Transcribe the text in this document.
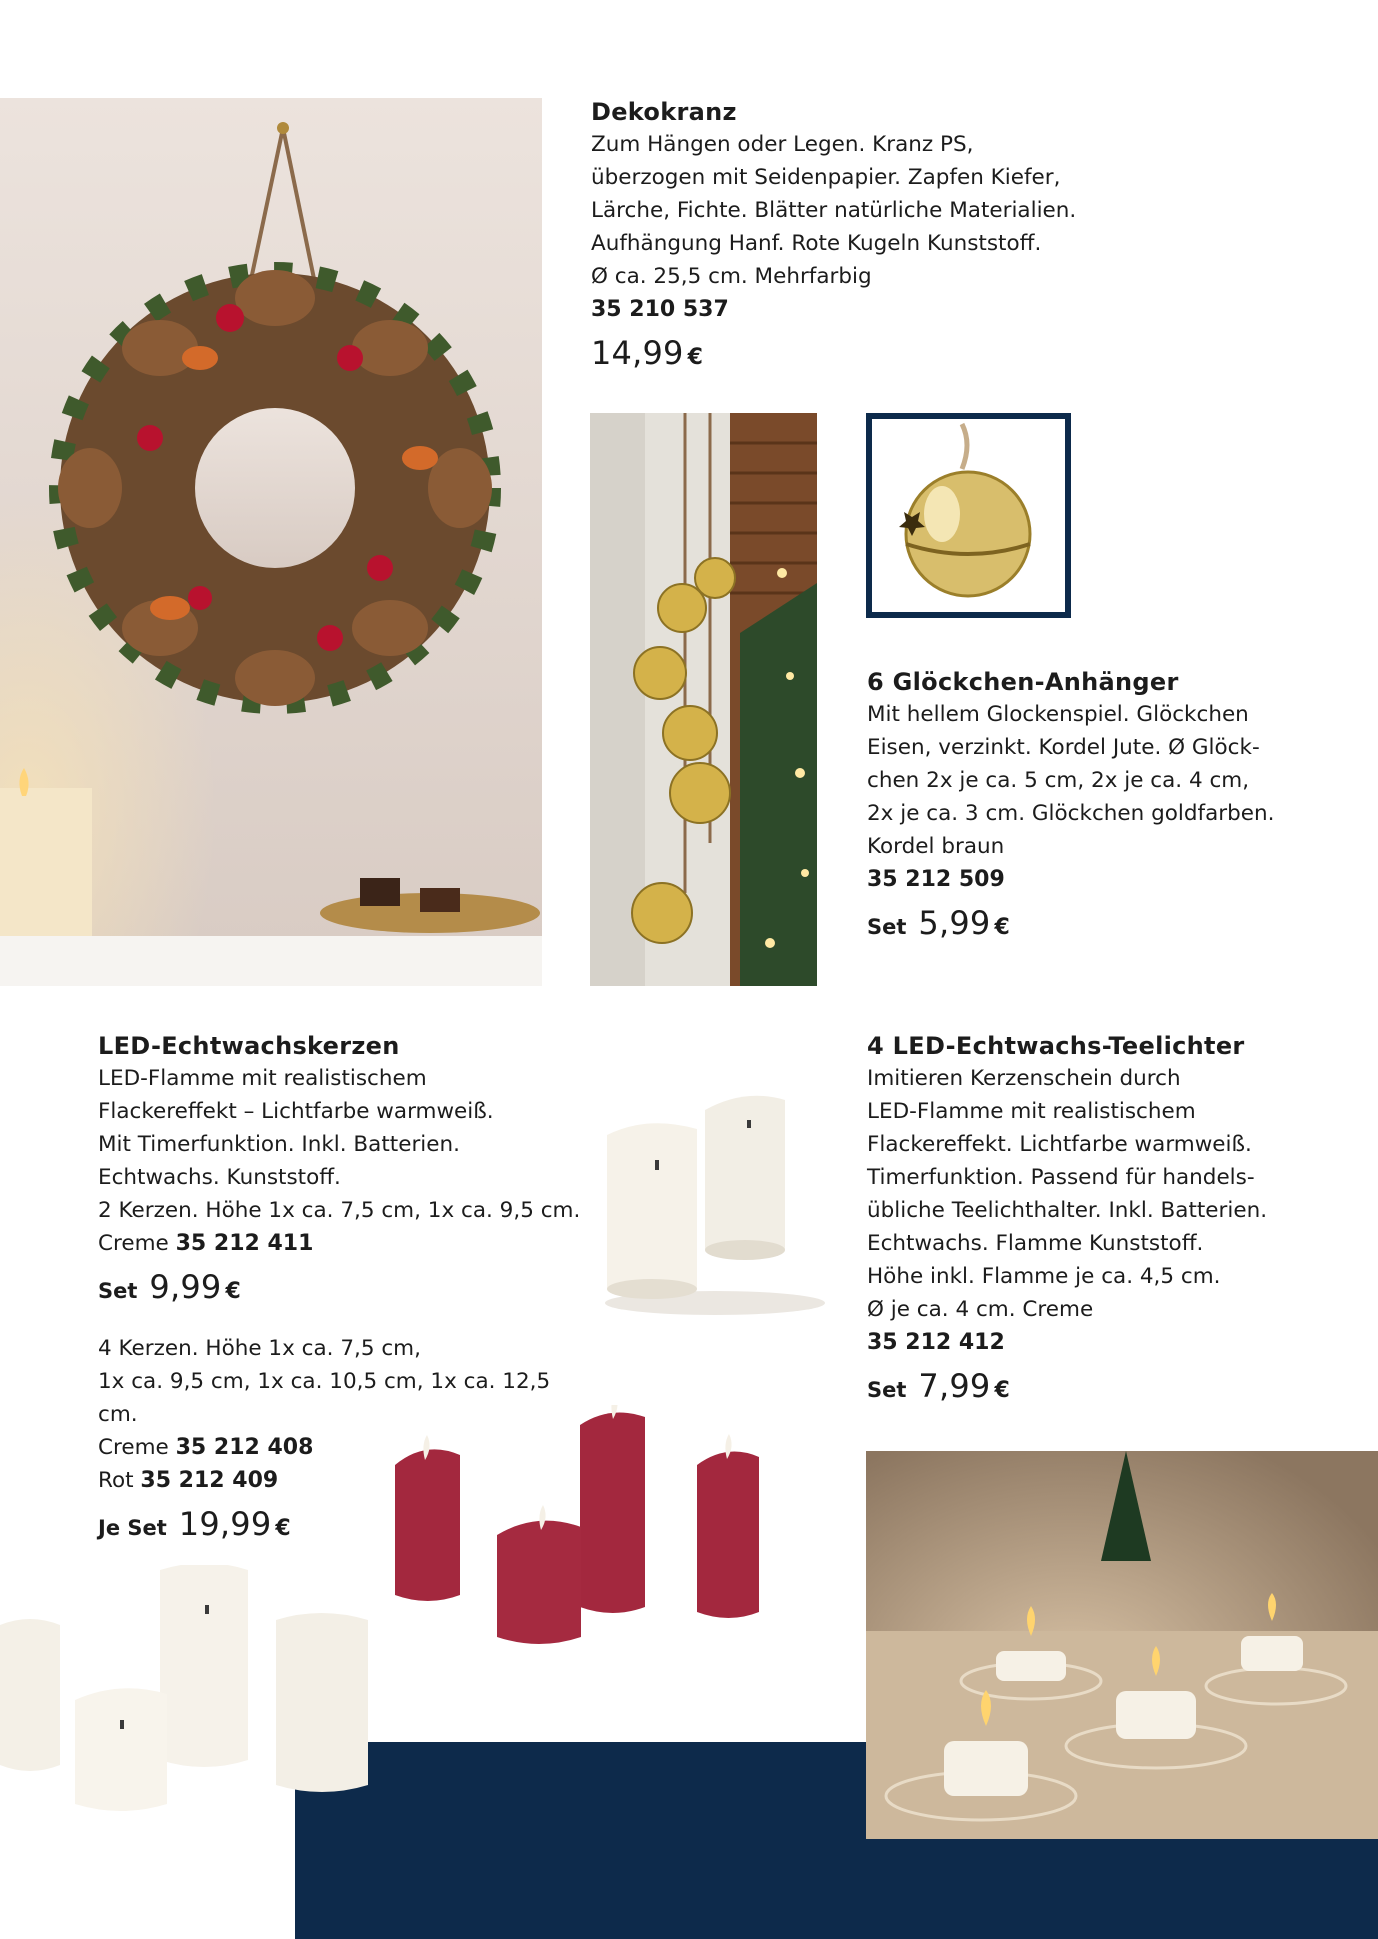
Dekokranz

Zum Hängen oder Legen. Kranz PS,

überzogen mit Seidenpapier. Zapfen Kiefer,

Lärche, Fichte. Blätter natürliche Materialien.

Aufhängung Hanf. Rote Kugeln Kunststoff.

Ø ca. 25,5 cm. Mehrfarbig

35 210 537
14,99 €
6 Glöckchen-Anhänger

Mit hellem Glockenspiel. Glöckchen

Eisen, verzinkt. Kordel Jute. Ø Glöck-

chen 2x je ca. 5 cm, 2x je ca. 4 cm,

2x je ca. 3 cm. Glöckchen goldfarben.

Kordel braun

35 212 509
Set 5,99 €
LED-Echtwachskerzen

LED-Flamme mit realistischem

Flackereffekt – Lichtfarbe warmweiß.

Mit Timerfunktion. Inkl. Batterien.

Echtwachs. Kunststoff.

2 Kerzen. Höhe 1x ca. 7,5 cm, 1x ca. 9,5 cm.

Creme 35 212 411

Set 9,99 €

4 Kerzen. Höhe 1x ca. 7,5 cm,

1x ca. 9,5 cm, 1x ca. 10,5 cm, 1x ca. 12,5 cm.

Creme 35 212 408

Rot 35 212 409

Je Set 19,99 €
4 LED-Echtwachs-Teelichter

Imitieren Kerzenschein durch

LED-Flamme mit realistischem

Flackereffekt. Lichtfarbe warmweiß.

Timerfunktion. Passend für handels-

übliche Teelichthalter. Inkl. Batterien.

Echtwachs. Flamme Kunststoff.

Höhe inkl. Flamme je ca. 4,5 cm.

Ø je ca. 4 cm. Creme

35 212 412
Set 7,99 €
